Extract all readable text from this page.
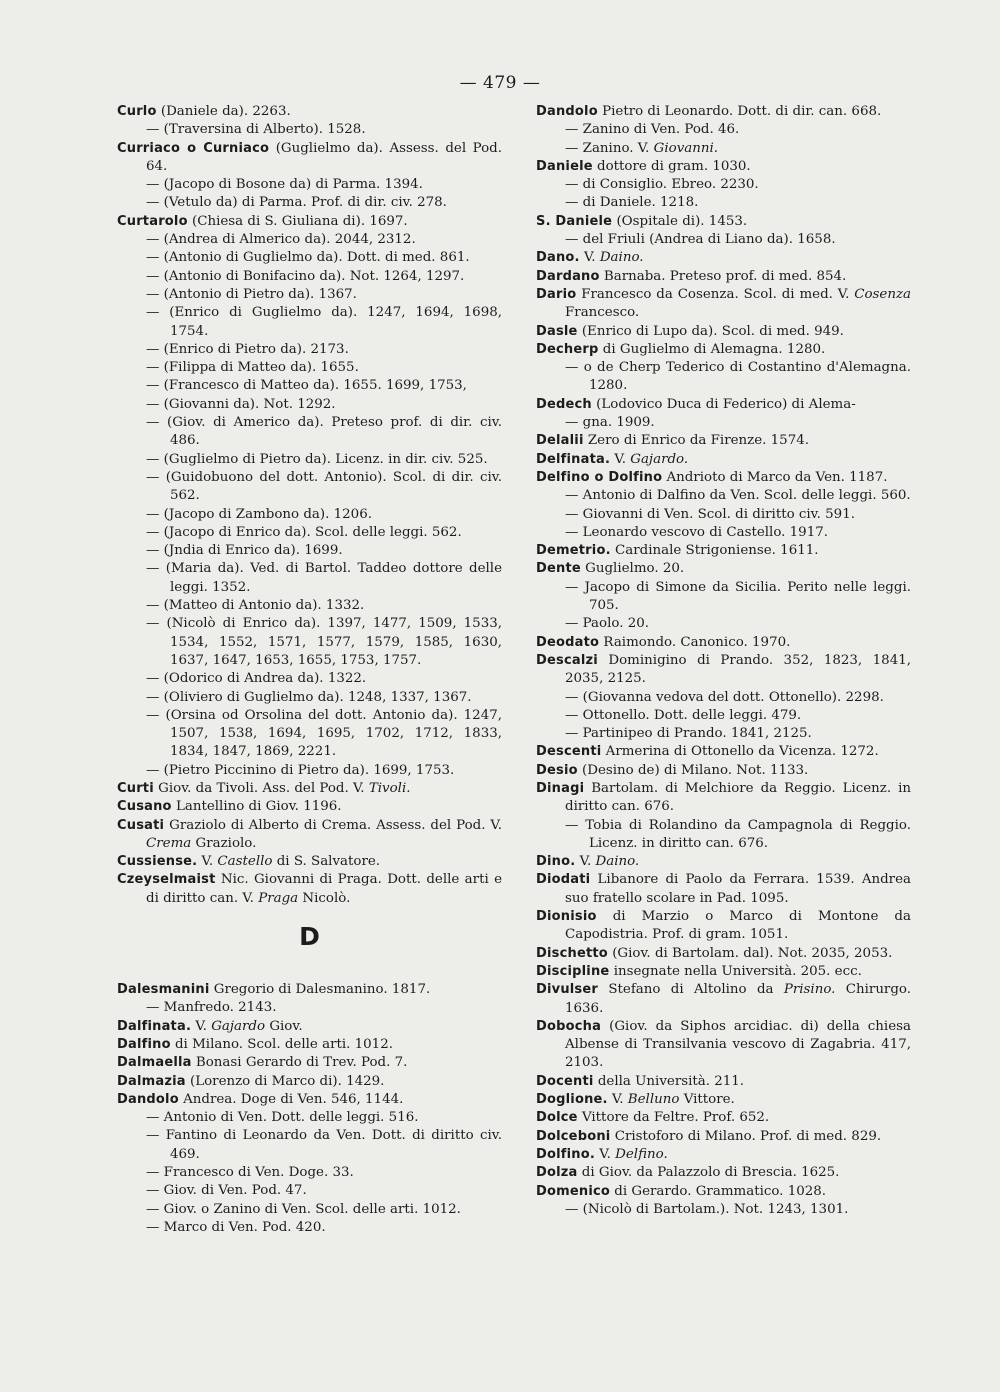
— 479 —
Curlo (Daniele da). 2263.
— (Traversina di Alberto). 1528.
Curriaco o Curniaco (Guglielmo da). Assess. del Pod. 64.
— (Jacopo di Bosone da) di Parma. 1394.
— (Vetulo da) di Parma. Prof. di dir. civ. 278.
Curtarolo (Chiesa di S. Giuliana di). 1697.
— (Andrea di Almerico da). 2044, 2312.
— (Antonio di Guglielmo da). Dott. di med. 861.
— (Antonio di Bonifacino da). Not. 1264, 1297.
— (Antonio di Pietro da). 1367.
— (Enrico di Guglielmo da). 1247, 1694, 1698, 1754.
— (Enrico di Pietro da). 2173.
— (Filippa di Matteo da). 1655.
— (Francesco di Matteo da). 1655. 1699, 1753,
— (Giovanni da). Not. 1292.
— (Giov. di Americo da). Preteso prof. di dir. civ. 486.
— (Guglielmo di Pietro da). Licenz. in dir. civ. 525.
— (Guidobuono del dott. Antonio). Scol. di dir. civ. 562.
— (Jacopo di Zambono da). 1206.
— (Jacopo di Enrico da). Scol. delle leggi. 562.
— (Jndia di Enrico da). 1699.
— (Maria da). Ved. di Bartol. Taddeo dottore delle leggi. 1352.
— (Matteo di Antonio da). 1332.
— (Nicolò di Enrico da). 1397, 1477, 1509, 1533, 1534, 1552, 1571, 1577, 1579, 1585, 1630, 1637, 1647, 1653, 1655, 1753, 1757.
— (Odorico di Andrea da). 1322.
— (Oliviero di Guglielmo da). 1248, 1337, 1367.
— (Orsina od Orsolina del dott. Antonio da). 1247, 1507, 1538, 1694, 1695, 1702, 1712, 1833, 1834, 1847, 1869, 2221.
— (Pietro Piccinino di Pietro da). 1699, 1753.
Curti Giov. da Tivoli. Ass. del Pod. V. Tivoli.
Cusano Lantellino di Giov. 1196.
Cusati Graziolo di Alberto di Crema. Assess. del Pod. V. Crema Graziolo.
Cussiense. V. Castello di S. Salvatore.
Czeyselmaist Nic. Giovanni di Praga. Dott. delle arti e di diritto can. V. Praga Nicolò.
D
Dalesmanini Gregorio di Dalesmanino. 1817.
— Manfredo. 2143.
Dalfinata. V. Gajardo Giov.
Dalfino di Milano. Scol. delle arti. 1012.
Dalmaella Bonasi Gerardo di Trev. Pod. 7.
Dalmazia (Lorenzo di Marco di). 1429.
Dandolo Andrea. Doge di Ven. 546, 1144.
— Antonio di Ven. Dott. delle leggi. 516.
— Fantino di Leonardo da Ven. Dott. di diritto civ. 469.
— Francesco di Ven. Doge. 33.
— Giov. di Ven. Pod. 47.
— Giov. o Zanino di Ven. Scol. delle arti. 1012.
— Marco di Ven. Pod. 420.
Dandolo Pietro di Leonardo. Dott. di dir. can. 668.
— Zanino di Ven. Pod. 46.
— Zanino. V. Giovanni.
Daniele dottore di gram. 1030.
— di Consiglio. Ebreo. 2230.
— di Daniele. 1218.
S. Daniele (Ospitale di). 1453.
— del Friuli (Andrea di Liano da). 1658.
Dano. V. Daino.
Dardano Barnaba. Preteso prof. di med. 854.
Dario Francesco da Cosenza. Scol. di med. V. Cosenza Francesco.
Dasle (Enrico di Lupo da). Scol. di med. 949.
Decherp di Guglielmo di Alemagna. 1280.
— o de Cherp Tederico di Costantino d'Alemagna. 1280.
Dedech (Lodovico Duca di Federico) di Alema-
— gna. 1909.
Delalii Zero di Enrico da Firenze. 1574.
Delfinata. V. Gajardo.
Delfino o Dolfino Andrioto di Marco da Ven. 1187.
— Antonio di Dalfino da Ven. Scol. delle leggi. 560.
— Giovanni di Ven. Scol. di diritto civ. 591.
— Leonardo vescovo di Castello. 1917.
Demetrio. Cardinale Strigoniense. 1611.
Dente Guglielmo. 20.
— Jacopo di Simone da Sicilia. Perito nelle leggi. 705.
— Paolo. 20.
Deodato Raimondo. Canonico. 1970.
Descalzi Dominigino di Prando. 352, 1823, 1841, 2035, 2125.
— (Giovanna vedova del dott. Ottonello). 2298.
— Ottonello. Dott. delle leggi. 479.
— Partinipeo di Prando. 1841, 2125.
Descenti Armerina di Ottonello da Vicenza. 1272.
Desio (Desino de) di Milano. Not. 1133.
Dinagi Bartolam. di Melchiore da Reggio. Licenz. in diritto can. 676.
— Tobia di Rolandino da Campagnola di Reggio. Licenz. in diritto can. 676.
Dino. V. Daino.
Diodati Libanore di Paolo da Ferrara. 1539. Andrea suo fratello scolare in Pad. 1095.
Dionisio di Marzio o Marco di Montone da Capodistria. Prof. di gram. 1051.
Dischetto (Giov. di Bartolam. dal). Not. 2035, 2053.
Discipline insegnate nella Università. 205. ecc.
Divulser Stefano di Altolino da Prisino. Chirurgo. 1636.
Dobocha (Giov. da Siphos arcidiac. di) della chiesa Albense di Transilvania vescovo di Zagabria. 417, 2103.
Docenti della Università. 211.
Doglione. V. Belluno Vittore.
Dolce Vittore da Feltre. Prof. 652.
Dolceboni Cristoforo di Milano. Prof. di med. 829.
Dolfino. V. Delfino.
Dolza di Giov. da Palazzolo di Brescia. 1625.
Domenico di Gerardo. Grammatico. 1028.
— (Nicolò di Bartolam.). Not. 1243, 1301.
